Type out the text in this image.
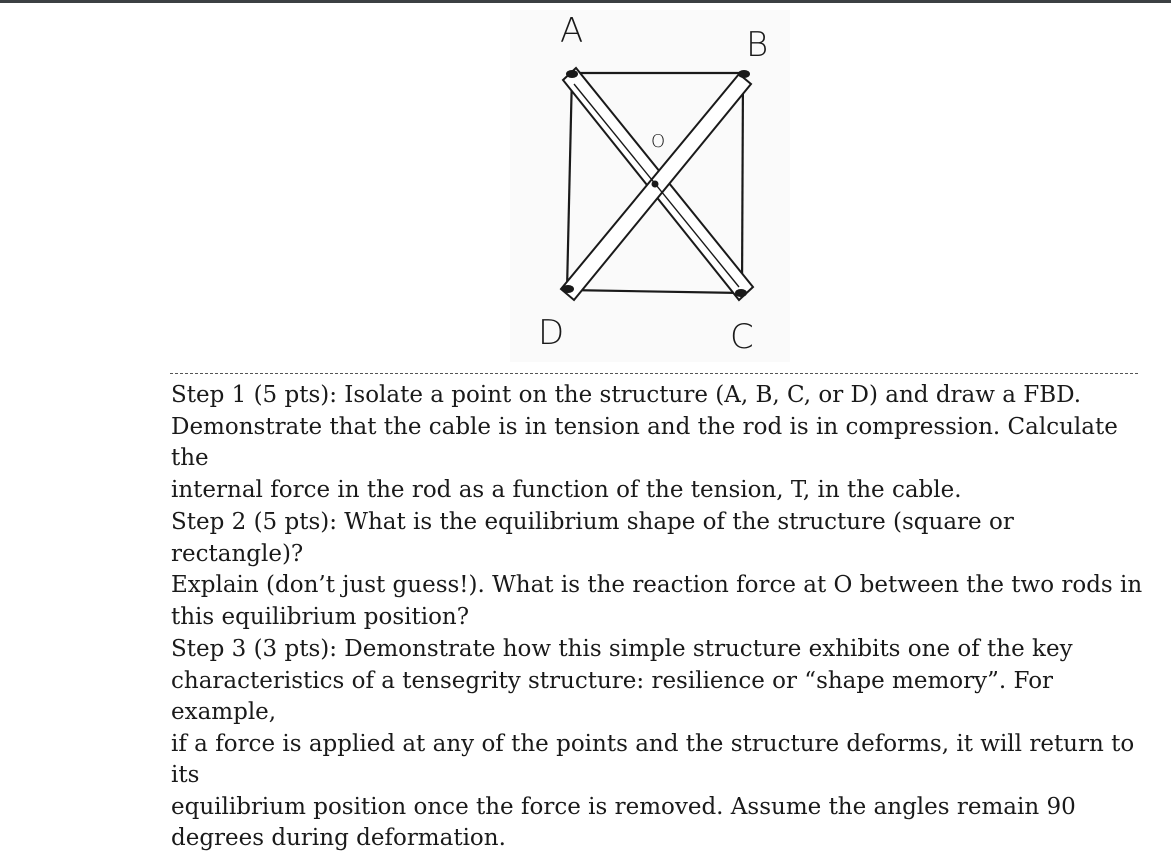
A	B
D	C
O

Step 1 (5 pts): Isolate a point on the structure (A, B, C, or D) and draw a FBD.
Demonstrate that the cable is in tension and the rod is in compression. Calculate the
internal force in the rod as a function of the tension, T, in the cable.

Step 2 (5 pts): What is the equilibrium shape of the structure (square or rectangle)?
Explain (don’t just guess!). What is the reaction force at O between the two rods in
this equilibrium position?

Step 3 (3 pts): Demonstrate how this simple structure exhibits one of the key
characteristics of a tensegrity structure: resilience or “shape memory”. For example,
if a force is applied at any of the points and the structure deforms, it will return to its
equilibrium position once the force is removed. Assume the angles remain 90
degrees during deformation.
